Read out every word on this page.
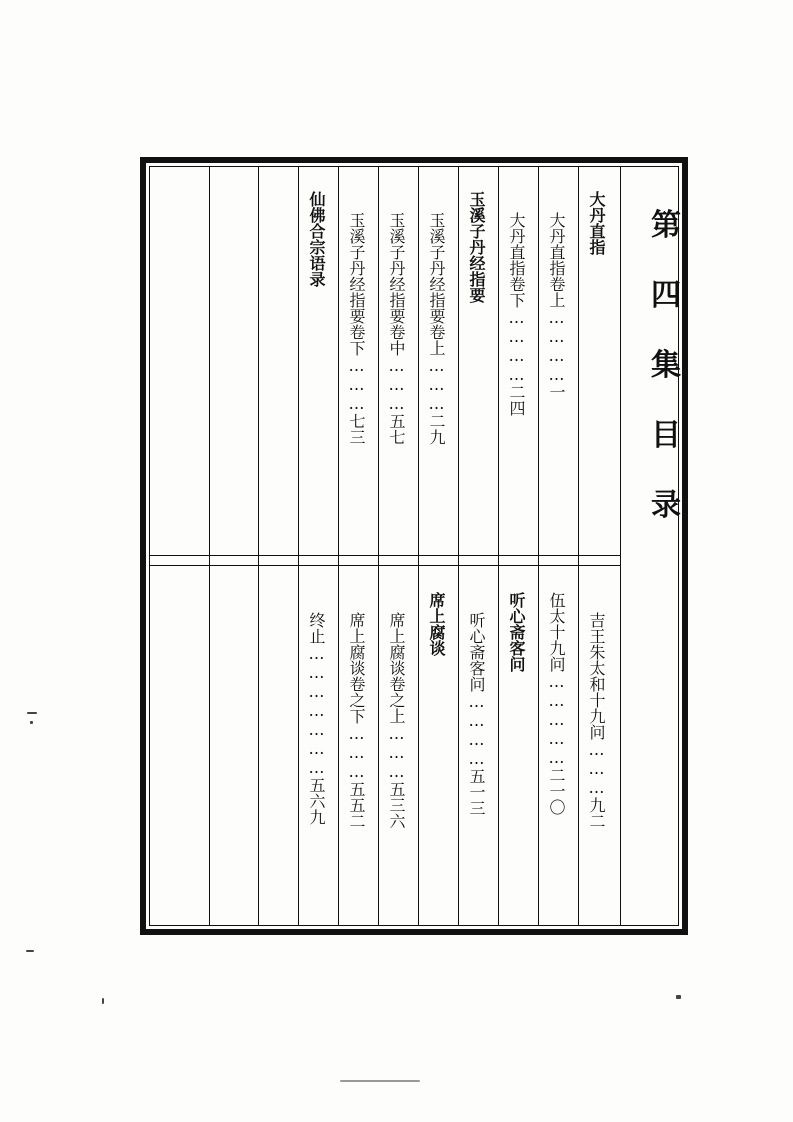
大丹直指
大丹直指卷上…………一
大丹直指卷下…………二四
玉溪子丹经指要
玉溪子丹经指要卷上………二九
玉溪子丹经指要卷中………五七
玉溪子丹经指要卷下………七三
仙佛合宗语录
吉王朱太和十九问………九二
伍太十九问……………二一〇
听心斋客问
听心斋客问…………五一三
席上腐谈
席上腐谈卷之上………五三六
席上腐谈卷之下………五五二
终止…………………五六九
第
四
集
目
录
